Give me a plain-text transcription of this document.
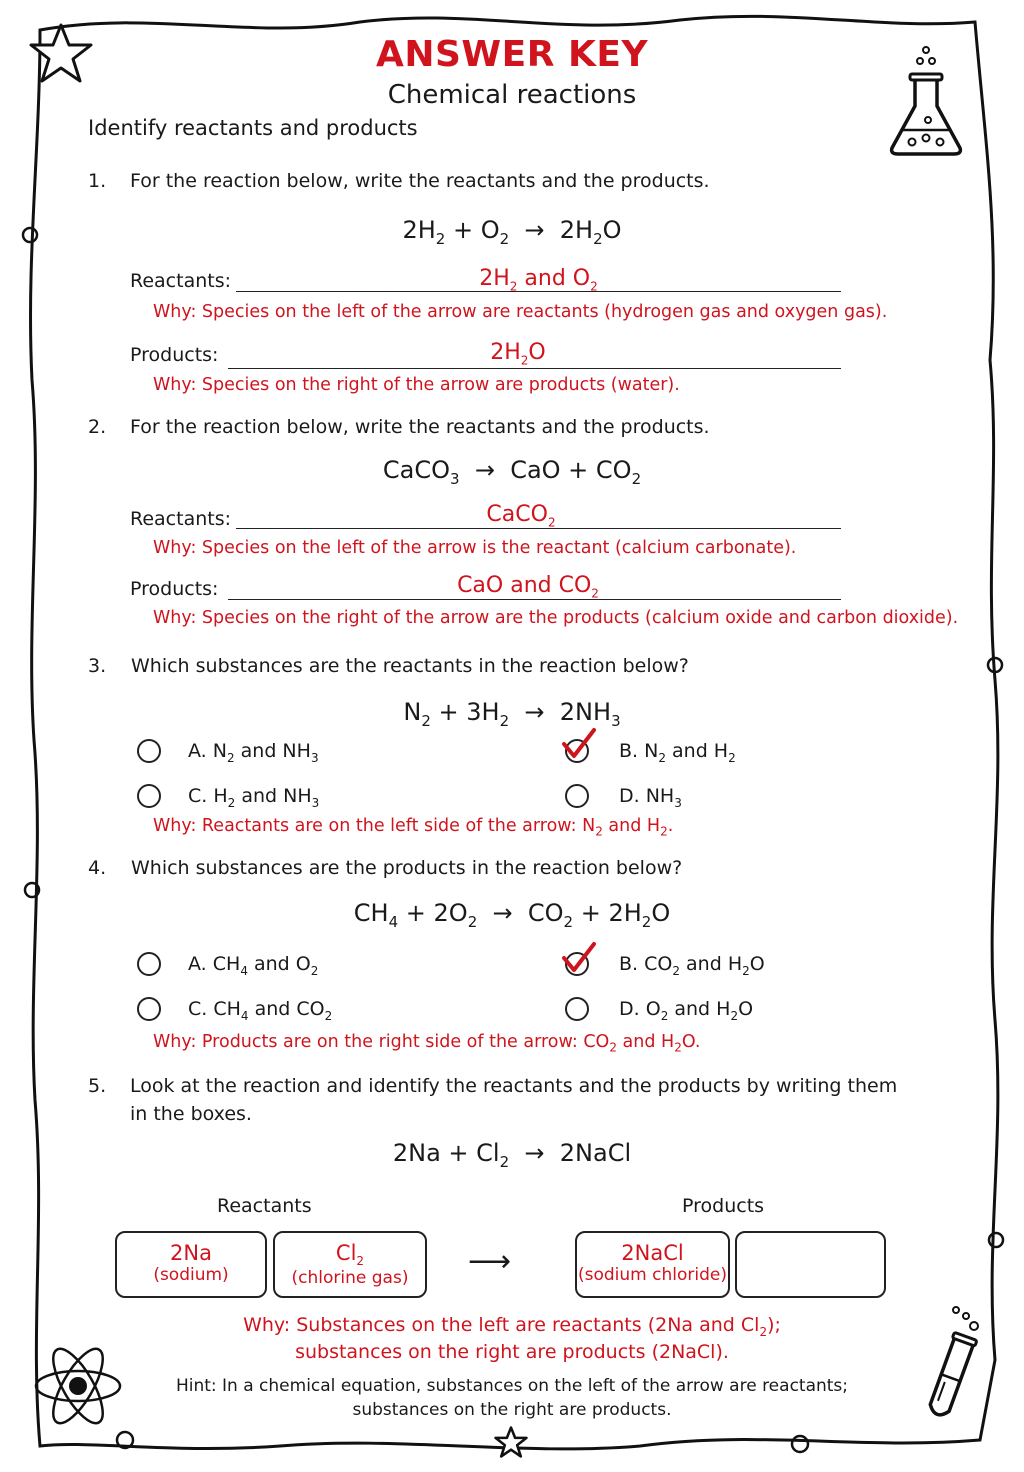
ANSWER KEY
Chemical reactions
Identify reactants and products
1. For the reaction below, write the reactants and the products.
$2H_2 + O_2 \to 2H_2O$
Reactants:	$2H_2$ and $O_2$
Why: Species on the left of the arrow are reactants (hydrogen gas and oxygen gas).
Products:	$2H_2O$
Why: Species on the right of the arrow are products (water).
2. For the reaction below, write the reactants and the products.
CaCO$_3$ → CaO + $CO_2$
Reactants:	CaCO$_2$
Why: Species on the left of the arrow is the reactant (calcium carbonate).
Products:	CaO and $CO_2$
Why: Species on the right of the arrow are the products (calcium oxide and carbon dioxide).
3. Which substances are the reactants in the reaction below?
$N_2 + 3H_2 \to 2NH_3$
A. $N_2$ and $NH_3$	B. $N_2$ and $H_2$
C. $H_2$ and $NH_3$	D. $NH_3$
Why: Reactants are on the left side of the arrow: $N_2$ and $H_2$.
4. Which substances are the products in the reaction below?
$CH_4 + 2O_2 \to CO_2 + 2H_2O$
A. $CH_4$ and $O_2$	B. $CO_2$ and $H_2O$
C. $CH_4$ and $CO_2$	D. $O_2$ and $H_2O$
Why: Products are on the right side of the arrow: $CO_2$ and $H_2O$.
5. Look at the reaction and identify the reactants and the products by writing them
in the boxes.
$2Na + Cl_2$ → 2NaCl
Reactants	Products
2Na
(sodium)
$Cl_2$
(chlorine gas)	⟶	2NaCl
(sodium chloride)
Why: Substances on the left are reactants (2Na and $Cl_2$);
substances on the right are products (2NaCl).
Hint: In a chemical equation, substances on the left of the arrow are reactants;
substances on the right are products.
